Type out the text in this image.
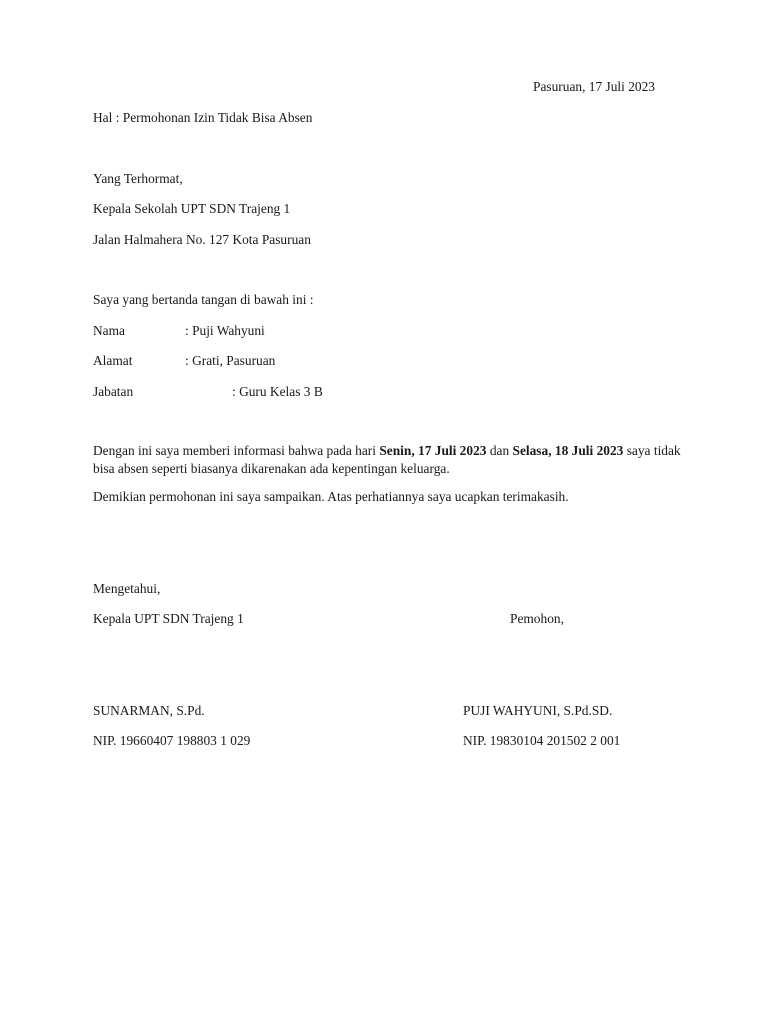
Pasuruan, 17 Juli 2023
Hal : Permohonan Izin Tidak Bisa Absen
Yang Terhormat,
Kepala Sekolah UPT SDN Trajeng 1
Jalan Halmahera No. 127 Kota Pasuruan
Saya yang bertanda tangan di bawah ini :
Nama	: Puji Wahyuni
Alamat	: Grati, Pasuruan
Jabatan	: Guru Kelas 3 B
Dengan ini saya memberi informasi bahwa pada hari Senin, 17 Juli 2023 dan Selasa, 18 Juli 2023 saya tidak bisa absen seperti biasanya dikarenakan ada kepentingan keluarga.
Demikian permohonan ini saya sampaikan. Atas perhatiannya saya ucapkan terimakasih.
Mengetahui,
Kepala UPT SDN Trajeng 1	Pemohon,
SUNARMAN, S.Pd.	PUJI WAHYUNI, S.Pd.SD.
NIP. 19660407 198803 1 029	NIP. 19830104 201502 2 001
